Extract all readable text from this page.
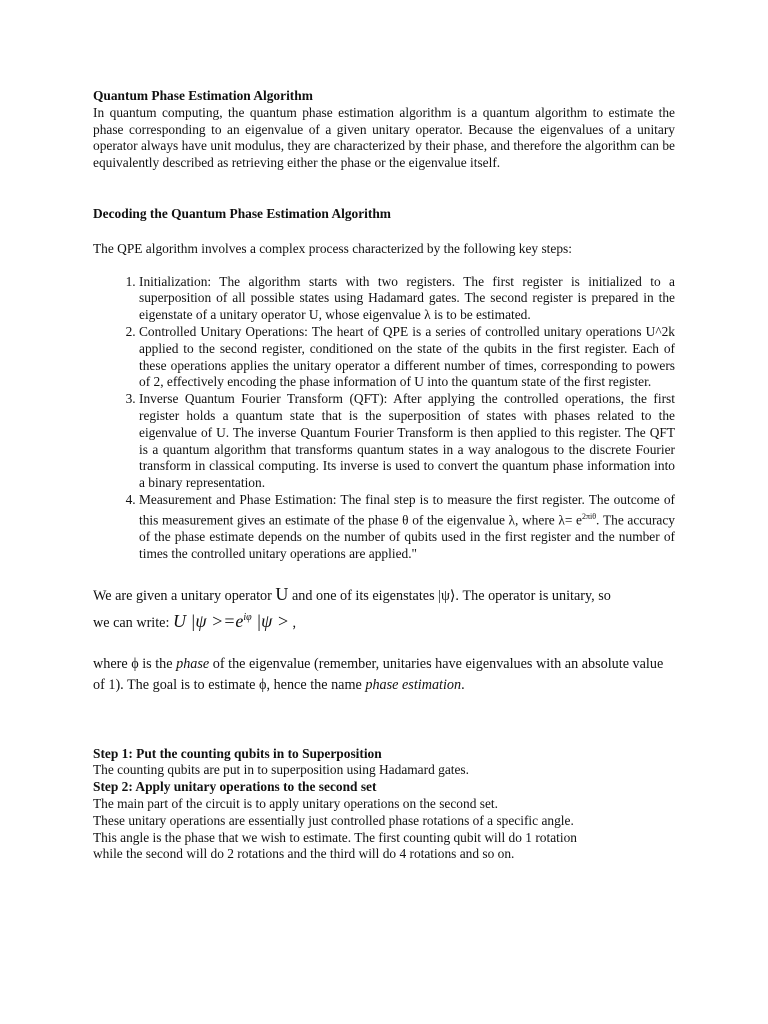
Quantum Phase Estimation Algorithm

In quantum computing, the quantum phase estimation algorithm is a quantum algorithm to estimate the phase corresponding to an eigenvalue of a given unitary operator. Because the eigenvalues of a unitary operator always have unit modulus, they are characterized by their phase, and therefore the algorithm can be equivalently described as retrieving either the phase or the eigenvalue itself.

Decoding the Quantum Phase Estimation Algorithm

The QPE algorithm involves a complex process characterized by the following key steps:

1. Initialization: The algorithm starts with two registers. The first register is initialized to a superposition of all possible states using Hadamard gates. The second register is prepared in the eigenstate of a unitary operator U, whose eigenvalue λ is to be estimated.
2. Controlled Unitary Operations: The heart of QPE is a series of controlled unitary operations U^2k applied to the second register, conditioned on the state of the qubits in the first register. Each of these operations applies the unitary operator a different number of times, corresponding to powers of 2, effectively encoding the phase information of U into the quantum state of the first register.
3. Inverse Quantum Fourier Transform (QFT): After applying the controlled operations, the first register holds a quantum state that is the superposition of states with phases related to the eigenvalue of U. The inverse Quantum Fourier Transform is then applied to this register. The QFT is a quantum algorithm that transforms quantum states in a way analogous to the discrete Fourier transform in classical computing. Its inverse is used to convert the quantum phase information into a binary representation.
4. Measurement and Phase Estimation: The final step is to measure the first register. The outcome of this measurement gives an estimate of the phase θ of the eigenvalue λ, where $\lambda= e^{2\pi i\theta}$. The accuracy of the phase estimate depends on the number of qubits used in the first register and the number of times the controlled unitary operations are applied."
We are given a unitary operator U and one of its eigenstates |ψ⟩. The operator is unitary, so
we can write: U $|\psi >=e^{i\varphi}$ |ψ > ,
where ϕ is the phase of the eigenvalue (remember, unitaries have eigenvalues with an absolute value of 1). The goal is to estimate ϕ, hence the name phase estimation.

Step 1: Put the counting qubits in to Superposition

The counting qubits are put in to superposition using Hadamard gates.

Step 2: Apply unitary operations to the second set

The main part of the circuit is to apply unitary operations on the second set.

These unitary operations are essentially just controlled phase rotations of a specific angle.

This angle is the phase that we wish to estimate. The first counting qubit will do 1 rotation

while the second will do 2 rotations and the third will do 4 rotations and so on.
